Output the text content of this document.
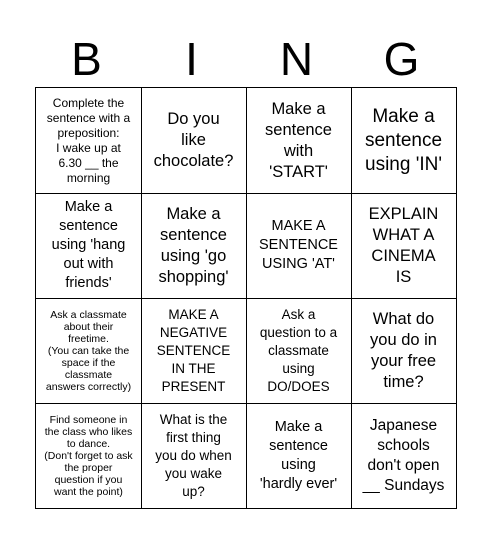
B	I	N	G
Complete the
sentence with a
preposition:
I wake up at
6.30 __ the
morning
Do you
like
chocolate?
Make a
sentence
with
'START'
Make a
sentence
using 'IN'
Make a
sentence
using 'hang
out with
friends'
Make a
sentence
using 'go
shopping'
MAKE A
SENTENCE
USING 'AT'
EXPLAIN
WHAT A
CINEMA
IS
Ask a classmate
about their
freetime.
(You can take the
space if the
classmate
answers correctly)
MAKE A
NEGATIVE
SENTENCE
IN THE
PRESENT
Ask a
question to a
classmate
using
DO/DOES
What do
you do in
your free
time?
Find someone in
the class who likes
to dance.
(Don't forget to ask
the proper
question if you
want the point)
What is the
first thing
you do when
you wake
up?
Make a
sentence
using
'hardly ever'
Japanese
schools
don't open
__ Sundays
